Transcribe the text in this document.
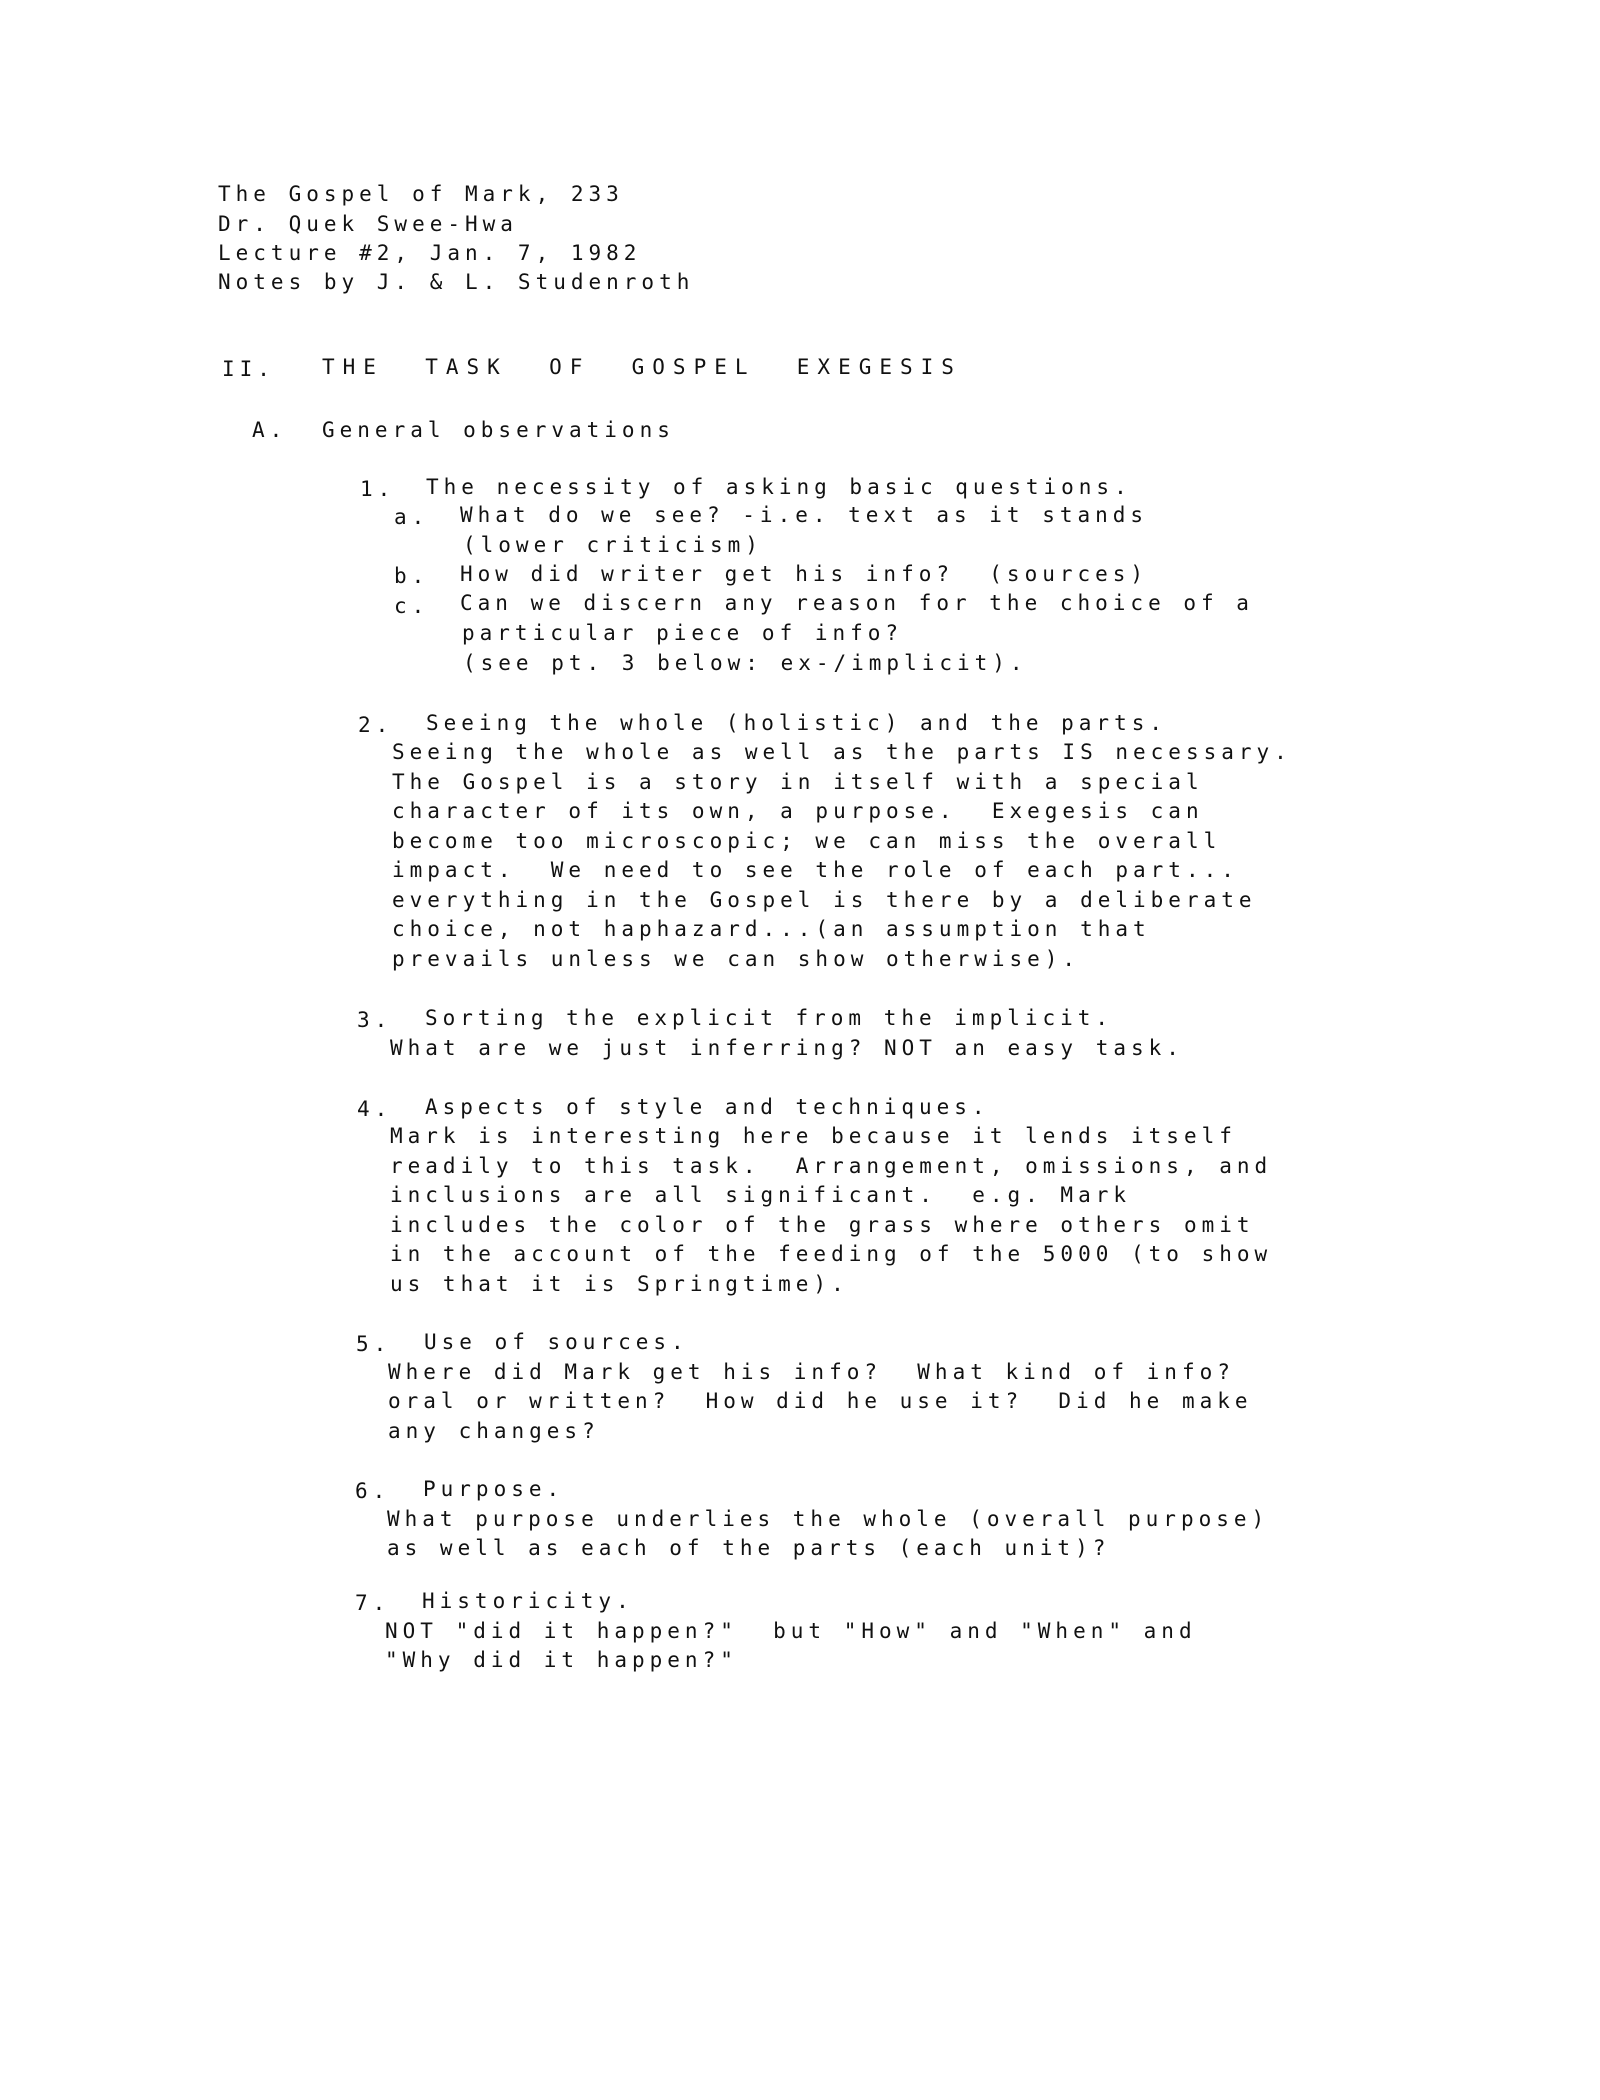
The Gospel of Mark, 233
Dr. Quek Swee-Hwa
Lecture #2, Jan. 7, 1982
Notes by J. & L. Studenroth
II. THE  TASK  OF  GOSPEL  EXEGESIS
A. General observations
1. The necessity of asking basic questions.
a. What do we see? -i.e. text as it stands
(lower criticism)
b. How did writer get his info?  (sources)
c. Can we discern any reason for the choice of a
particular piece of info?
(see pt. 3 below: ex-/implicit).
2. Seeing the whole (holistic) and the parts.
Seeing the whole as well as the parts IS necessary.
The Gospel is a story in itself with a special
character of its own, a purpose.  Exegesis can
become too microscopic; we can miss the overall
impact.  We need to see the role of each part...
everything in the Gospel is there by a deliberate
choice, not haphazard...(an assumption that
prevails unless we can show otherwise).
3. Sorting the explicit from the implicit.
What are we just inferring? NOT an easy task.
4. Aspects of style and techniques.
Mark is interesting here because it lends itself
readily to this task.  Arrangement, omissions, and
inclusions are all significant.  e.g. Mark
includes the color of the grass where others omit
in the account of the feeding of the 5000 (to show
us that it is Springtime).
5. Use of sources.
Where did Mark get his info?  What kind of info?
oral or written?  How did he use it?  Did he make
any changes?
6. Purpose.
What purpose underlies the whole (overall purpose)
as well as each of the parts (each unit)?
7. Historicity.
NOT "did it happen?"  but "How" and "When" and
"Why did it happen?"
